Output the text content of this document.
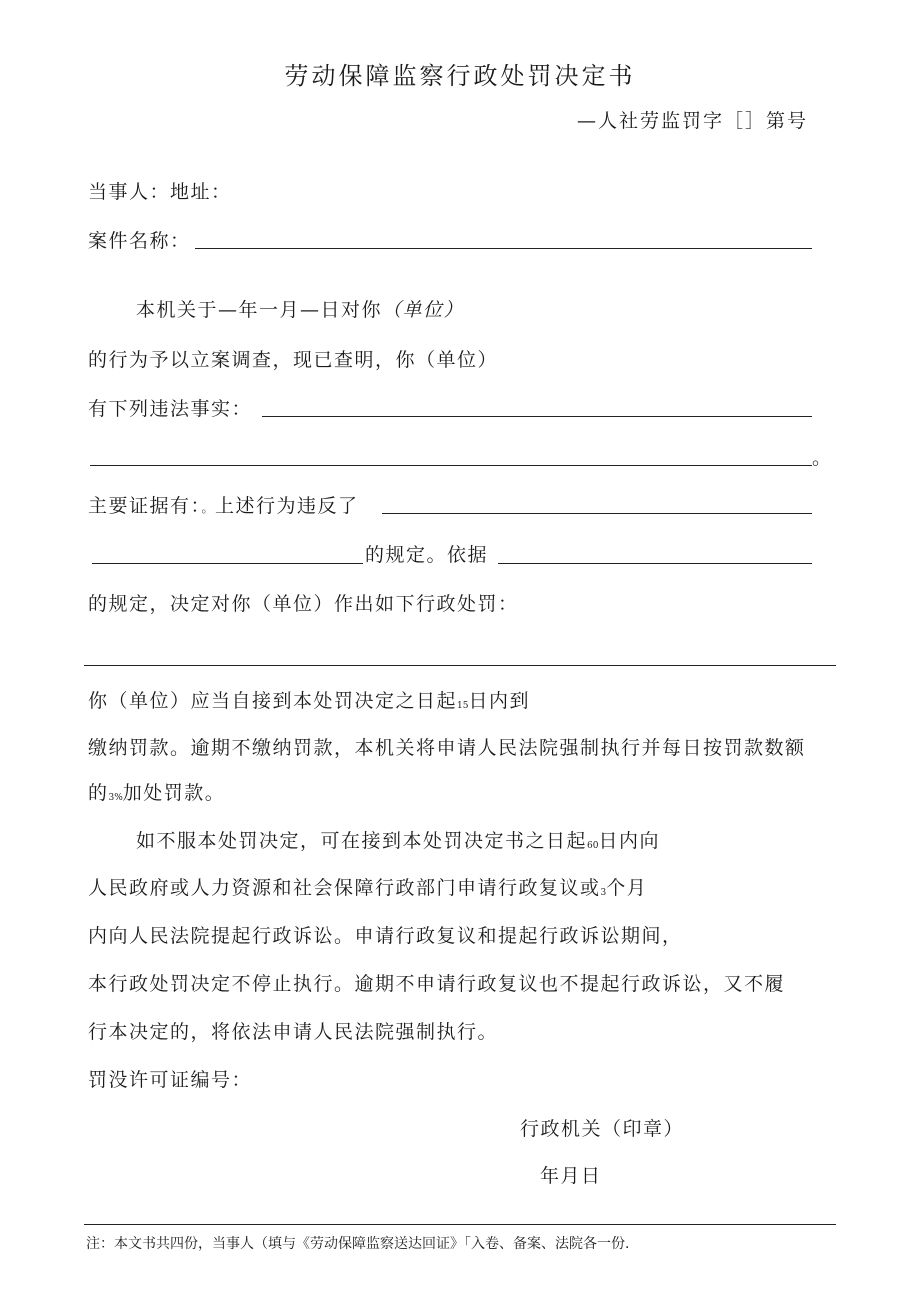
劳动保障监察行政处罚决定书
—人社劳监罚字［］第号
当事人：地址：
案件名称：
本机关于—年一月—日对你（单位）
的行为予以立案调查，现已查明，你（单位）
有下列违法事实：
。
主要证据有：。上述行为违反了
的规定。依据
的规定，决定对你（单位）作出如下行政处罚：
你（单位）应当自接到本处罚决定之日起15日内到
缴纳罚款。逾期不缴纳罚款，本机关将申请人民法院强制执行并每日按罚款数额
的3%加处罚款。
如不服本处罚决定，可在接到本处罚决定书之日起60日内向
人民政府或人力资源和社会保障行政部门申请行政复议或3个月
内向人民法院提起行政诉讼。申请行政复议和提起行政诉讼期间，
本行政处罚决定不停止执行。逾期不申请行政复议也不提起行政诉讼，又不履
行本决定的，将依法申请人民法院强制执行。
罚没许可证编号：
行政机关（印章）
年月日
注：本文书共四份，当事人（填与《劳动保障监察送达回证》「入卷、备案、法院各一份.
